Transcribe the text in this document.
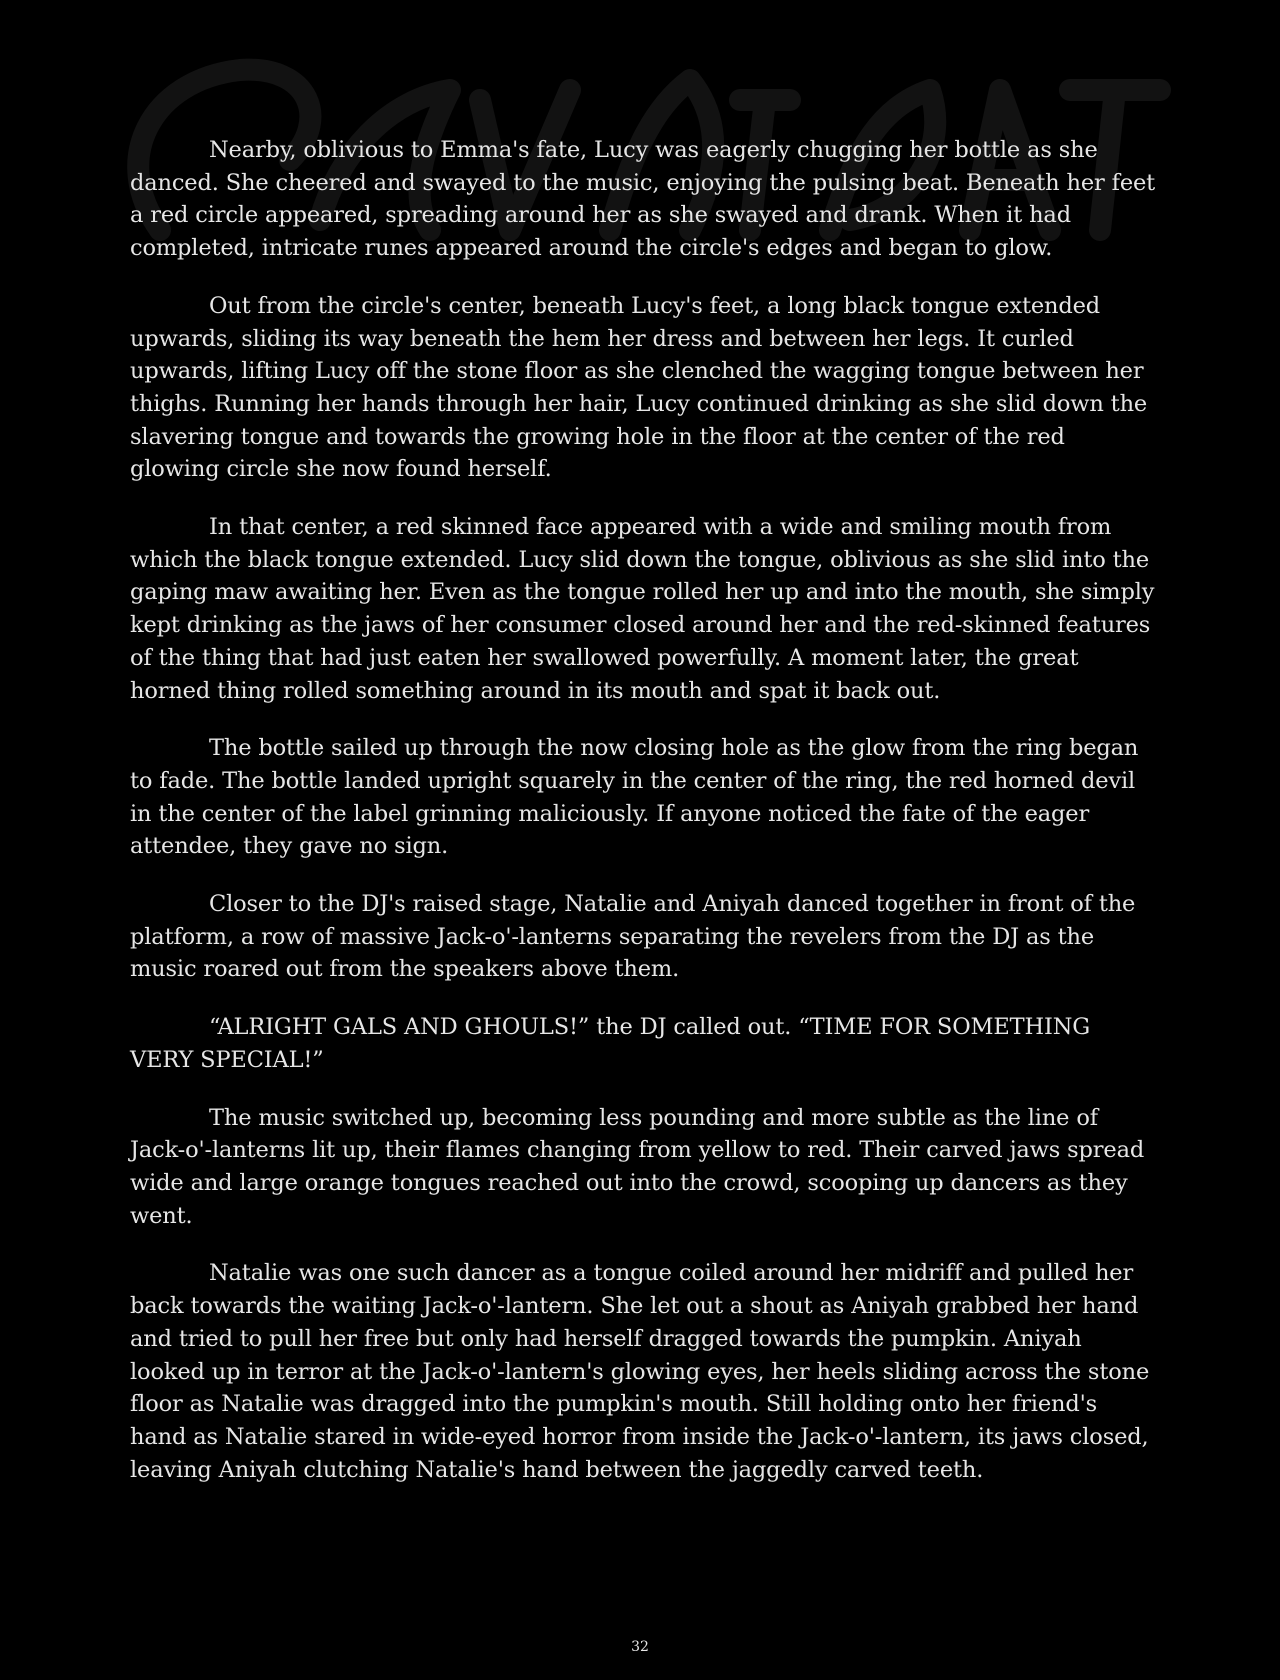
Nearby, oblivious to Emma's fate, Lucy was eagerly chugging her bottle as she danced. She cheered and swayed to the music, enjoying the pulsing beat. Beneath her feet a red circle appeared, spreading around her as she swayed and drank. When it had completed, intricate runes appeared around the circle's edges and began to glow.

Out from the circle's center, beneath Lucy's feet, a long black tongue extended upwards, sliding its way beneath the hem her dress and between her legs. It curled upwards, lifting Lucy off the stone floor as she clenched the wagging tongue between her thighs. Running her hands through her hair, Lucy continued drinking as she slid down the slavering tongue and towards the growing hole in the floor at the center of the red glowing circle she now found herself.

In that center, a red skinned face appeared with a wide and smiling mouth from which the black tongue extended. Lucy slid down the tongue, oblivious as she slid into the gaping maw awaiting her. Even as the tongue rolled her up and into the mouth, she simply kept drinking as the jaws of her consumer closed around her and the red-skinned features of the thing that had just eaten her swallowed powerfully. A moment later, the great horned thing rolled something around in its mouth and spat it back out.

The bottle sailed up through the now closing hole as the glow from the ring began to fade. The bottle landed upright squarely in the center of the ring, the red horned devil in the center of the label grinning maliciously. If anyone noticed the fate of the eager attendee, they gave no sign.

Closer to the DJ's raised stage, Natalie and Aniyah danced together in front of the platform, a row of massive Jack-o'-lanterns separating the revelers from the DJ as the music roared out from the speakers above them.

“ALRIGHT GALS AND GHOULS!” the DJ called out. “TIME FOR SOMETHING VERY SPECIAL!”

The music switched up, becoming less pounding and more subtle as the line of Jack-o'-lanterns lit up, their flames changing from yellow to red. Their carved jaws spread wide and large orange tongues reached out into the crowd, scooping up dancers as they went.

Natalie was one such dancer as a tongue coiled around her midriff and pulled her back towards the waiting Jack-o'-lantern. She let out a shout as Aniyah grabbed her hand and tried to pull her free but only had herself dragged towards the pumpkin. Aniyah looked up in terror at the Jack-o'-lantern's glowing eyes, her heels sliding across the stone floor as Natalie was dragged into the pumpkin's mouth. Still holding onto her friend's hand as Natalie stared in wide-eyed horror from inside the Jack-o'-lantern, its jaws closed, leaving Aniyah clutching Natalie's hand between the jaggedly carved teeth.

32
